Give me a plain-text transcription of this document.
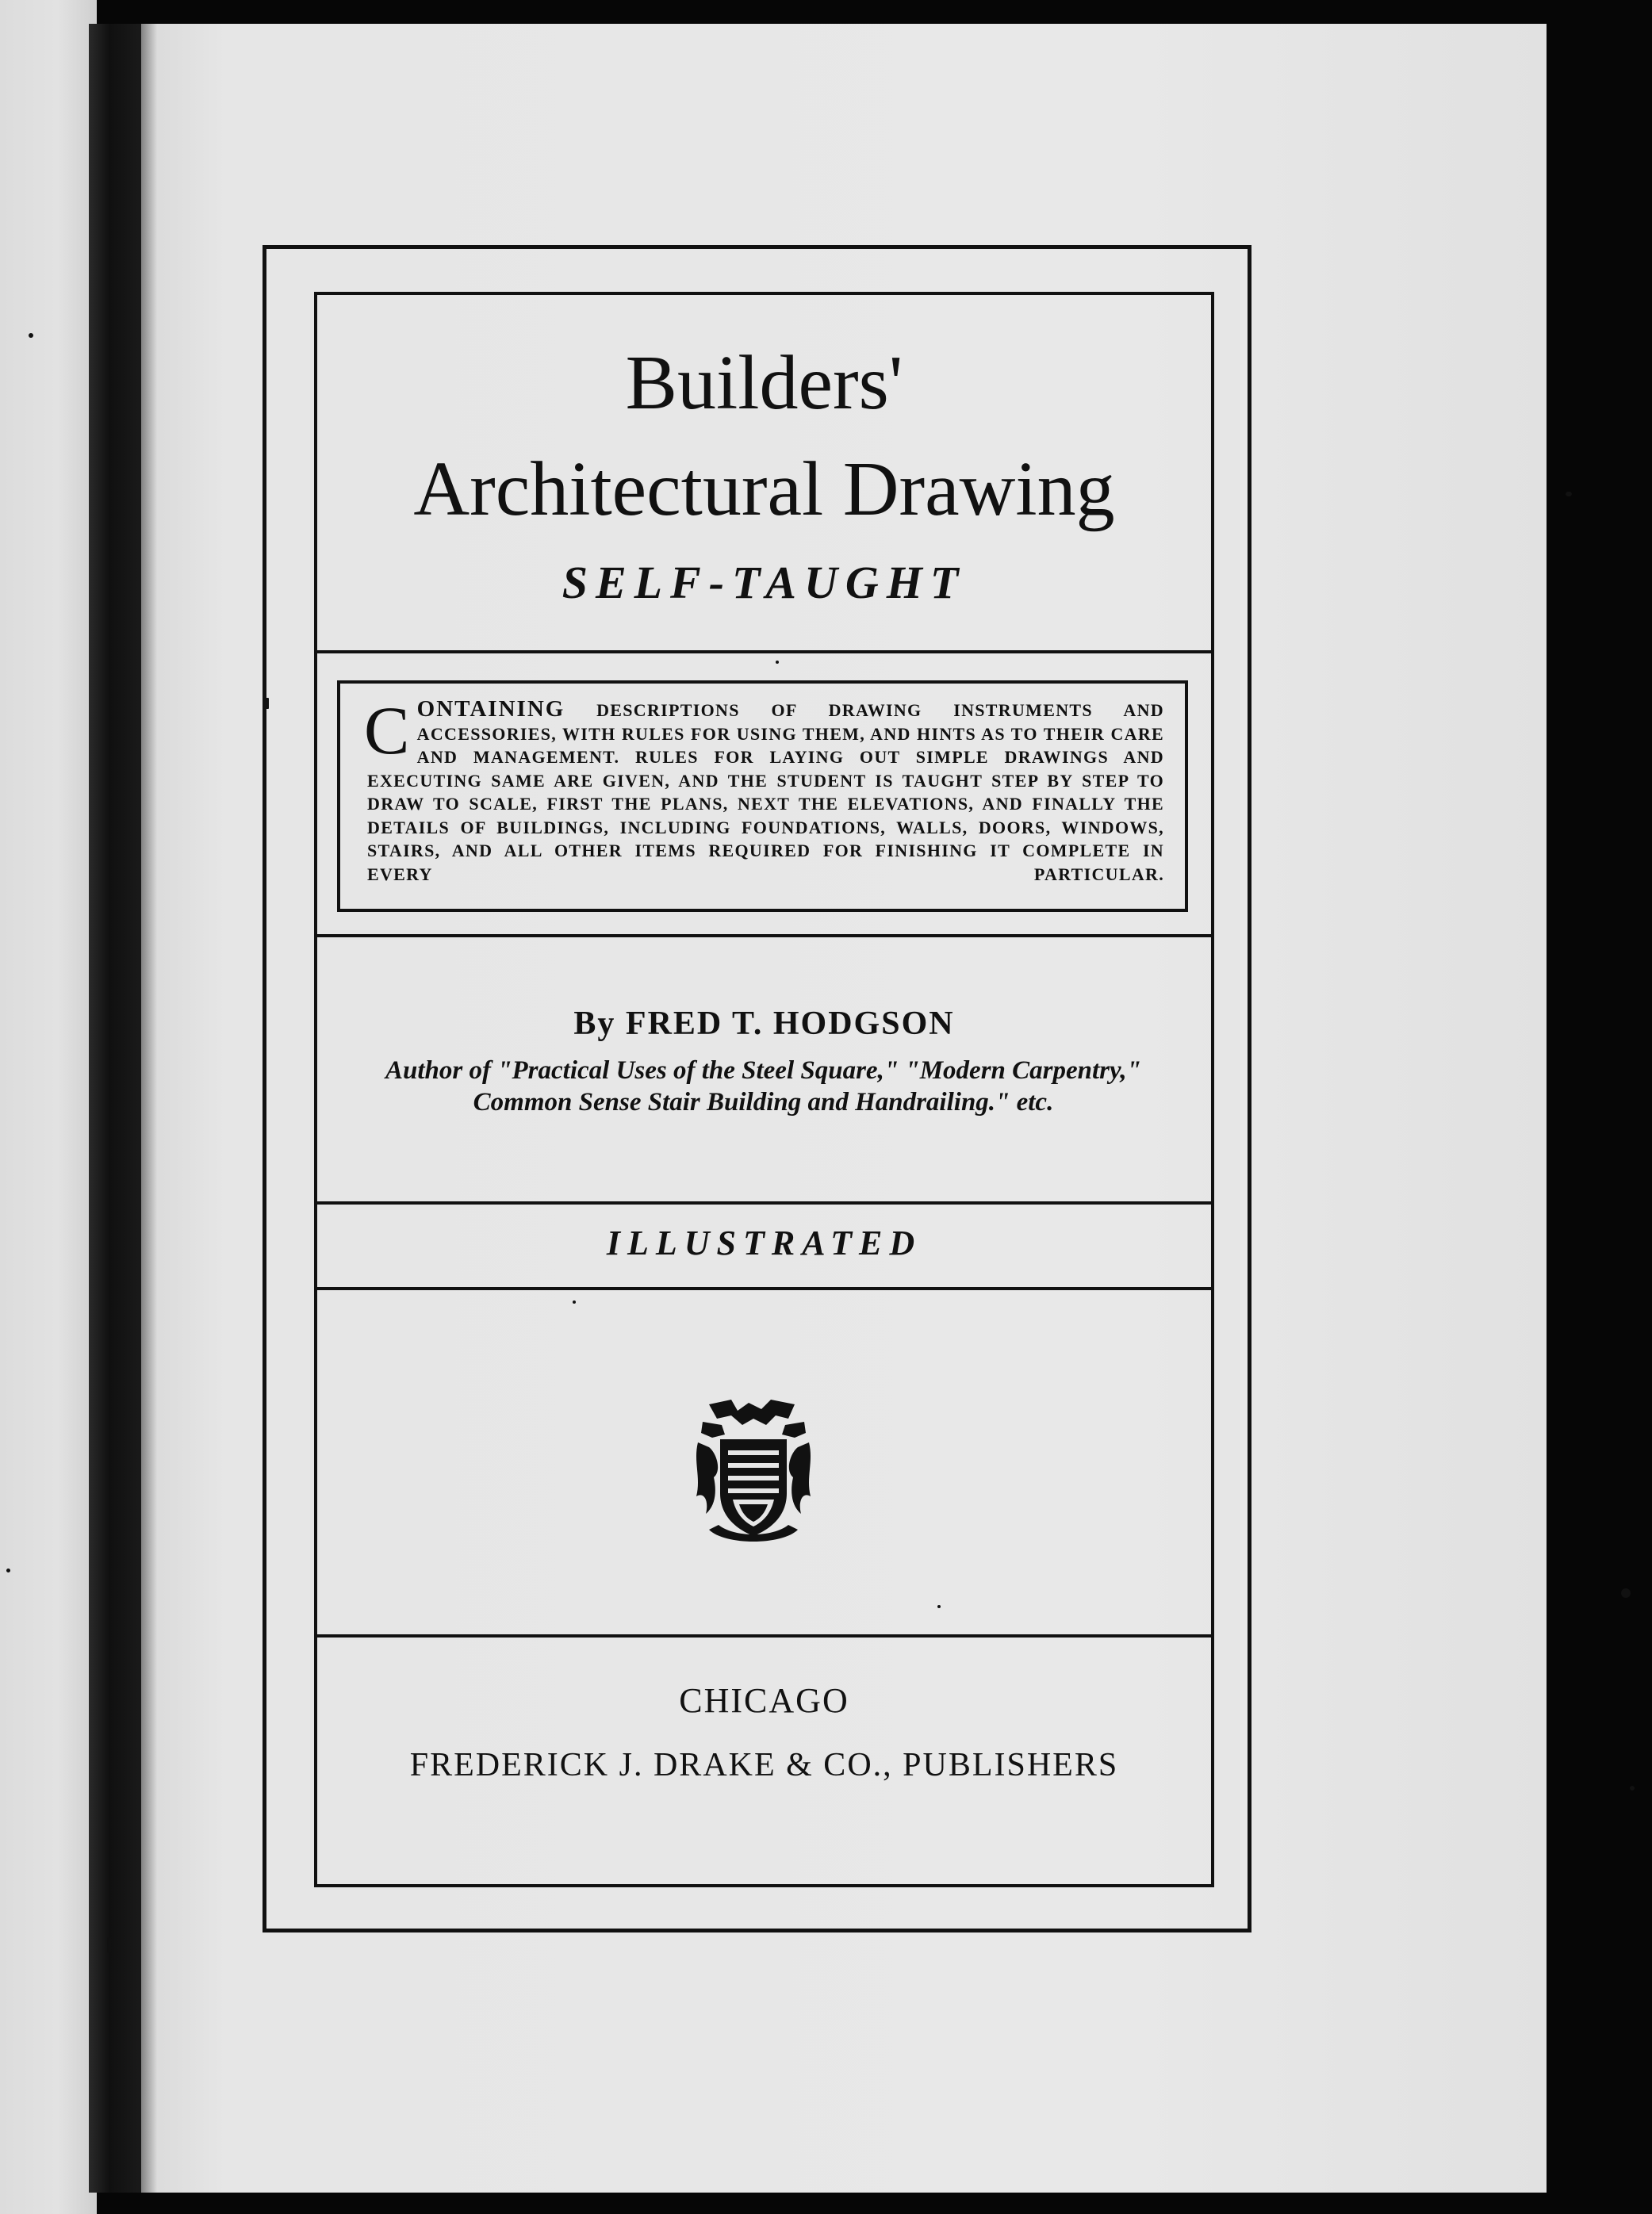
Builders'
Architectural Drawing
SELF-TAUGHT

CONTAINING DESCRIPTIONS OF DRAWING INSTRUMENTS AND ACCESSORIES, WITH RULES FOR USING THEM, AND HINTS AS TO THEIR CARE AND MANAGEMENT. RULES FOR LAYING OUT SIMPLE DRAWINGS AND EXECUTING SAME ARE GIVEN, AND THE STUDENT IS TAUGHT STEP BY STEP TO DRAW TO SCALE, FIRST THE PLANS, NEXT THE ELEVATIONS, AND FINALLY THE DETAILS OF BUILDINGS, INCLUDING FOUNDATIONS, WALLS, DOORS, WINDOWS, STAIRS, AND ALL OTHER ITEMS REQUIRED FOR FINISHING IT COMPLETE IN EVERY PARTICULAR.

By FRED T. HODGSON
Author of "Practical Uses of the Steel Square," "Modern Carpentry," Common Sense Stair Building and Handrailing." etc.
ILLUSTRATED
CHICAGO
FREDERICK J. DRAKE & CO., PUBLISHERS
